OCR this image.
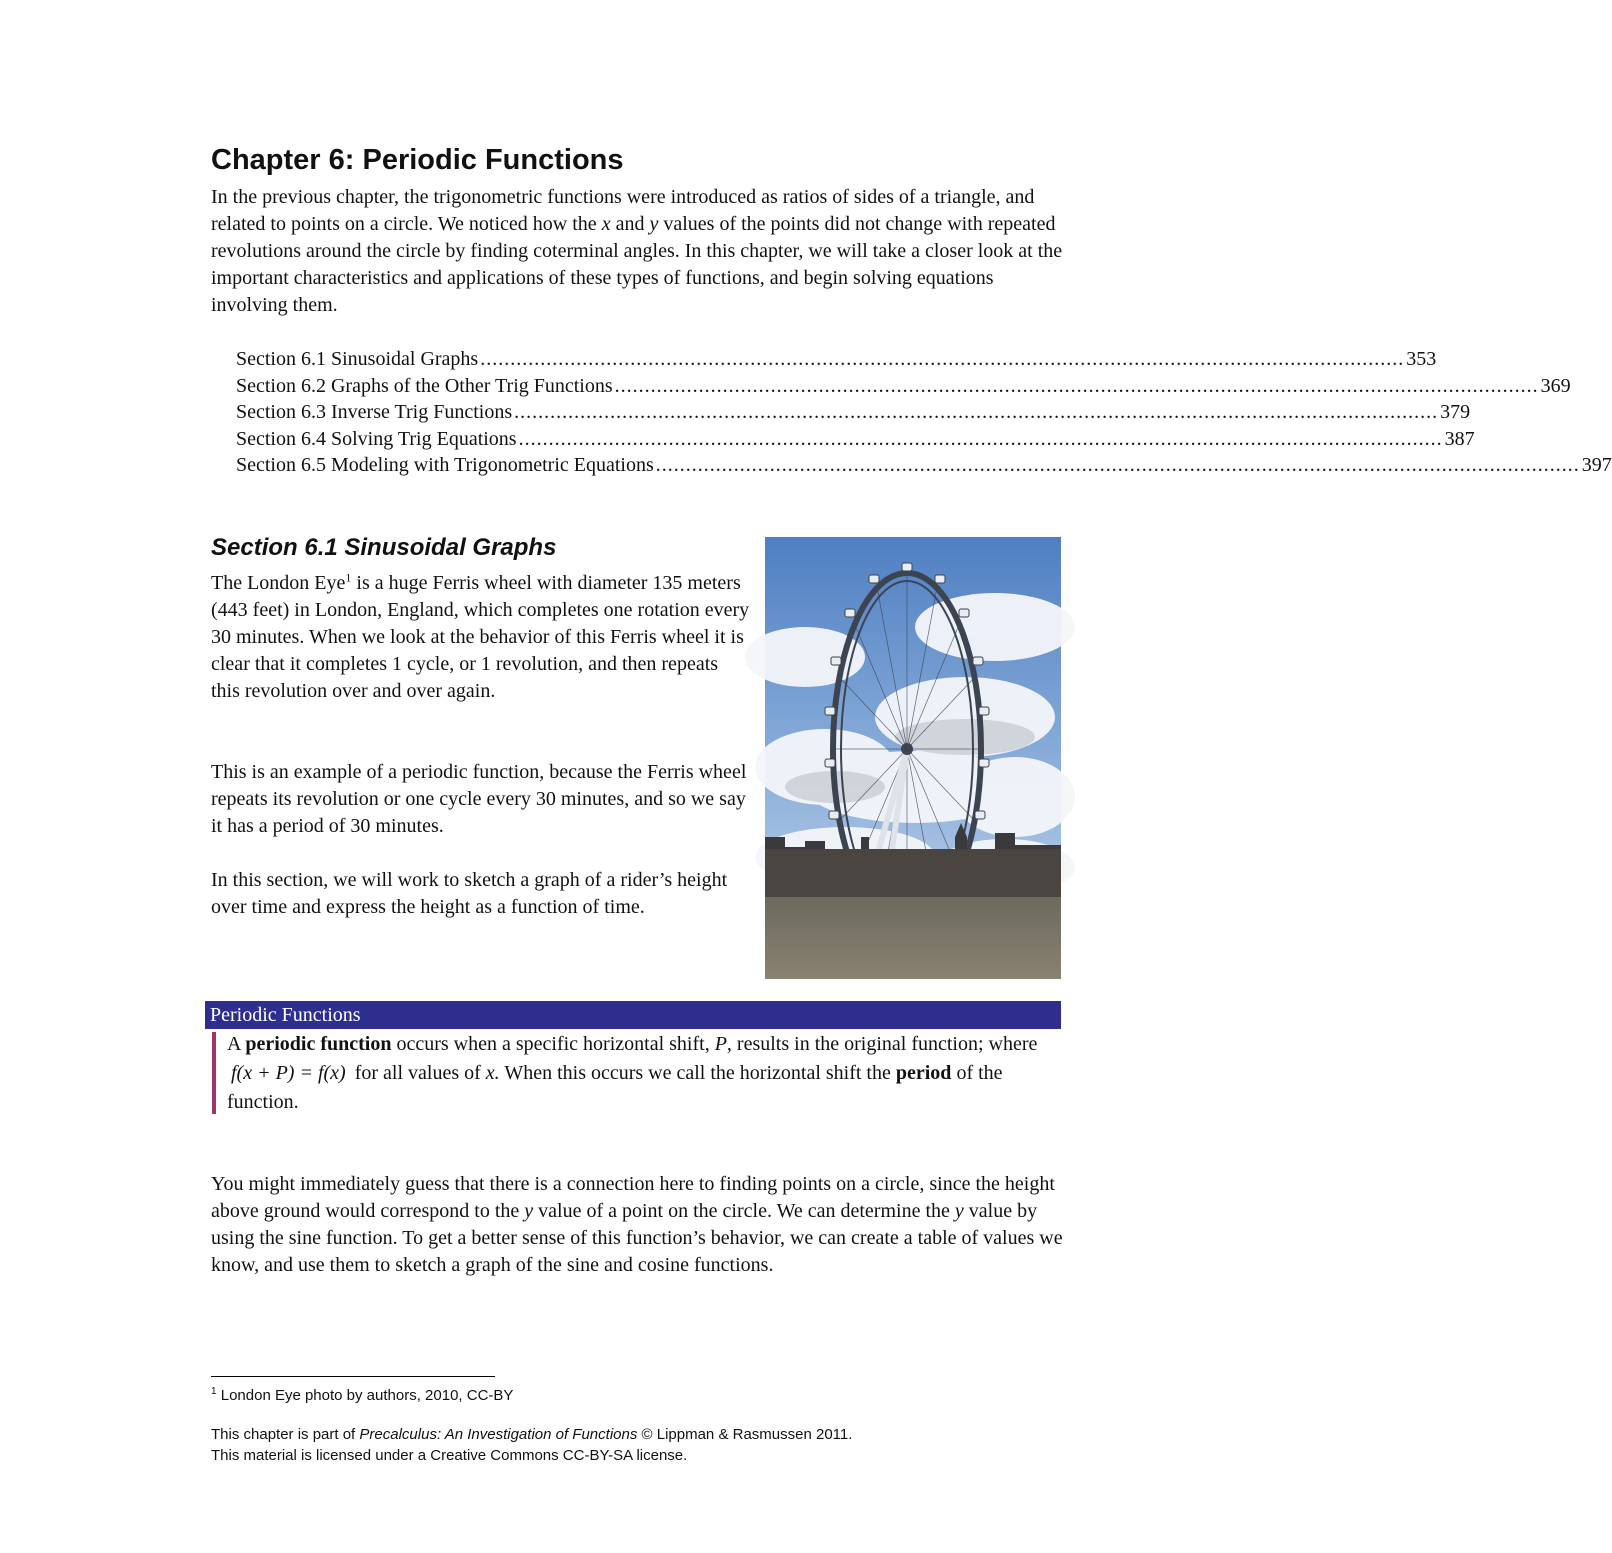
Chapter 6: Periodic Functions

In the previous chapter, the trigonometric functions were introduced as ratios of sides of a triangle, and related to points on a circle. We noticed how the x and y values of the points did not change with repeated revolutions around the circle by finding coterminal angles. In this chapter, we will take a closer look at the important characteristics and applications of these types of functions, and begin solving equations involving them.

Section 6.1 Sinusoidal Graphs .......................................................................................................................................................... 353
Section 6.2 Graphs of the Other Trig Functions .......................................................................................................................................................... 369
Section 6.3 Inverse Trig Functions .......................................................................................................................................................... 379
Section 6.4 Solving Trig Equations .......................................................................................................................................................... 387
Section 6.5 Modeling with Trigonometric Equations .......................................................................................................................................................... 397
Section 6.1 Sinusoidal Graphs

The London Eye$^1$ is a huge Ferris wheel with diameter 135 meters (443 feet) in London, England, which completes one rotation every 30 minutes. When we look at the behavior of this Ferris wheel it is clear that it completes 1 cycle, or 1 revolution, and then repeats this revolution over and over again.

This is an example of a periodic function, because the Ferris wheel repeats its revolution or one cycle every 30 minutes, and so we say it has a period of 30 minutes.

In this section, we will work to sketch a graph of a rider’s height over time and express the height as a function of time.

Periodic Functions

A periodic function occurs when a specific horizontal shift, P, results in the original function; where f(x + P) = f(x) for all values of x. When this occurs we call the horizontal shift the period of the function.

You might immediately guess that there is a connection here to finding points on a circle, since the height above ground would correspond to the y value of a point on the circle. We can determine the y value by using the sine function. To get a better sense of this function’s behavior, we can create a table of values we know, and use them to sketch a graph of the sine and cosine functions.

$^1$ London Eye photo by authors, 2010, CC-BY

This chapter is part of Precalculus: An Investigation of Functions © Lippman & Rasmussen 2011.
This material is licensed under a Creative Commons CC-BY-SA license.
